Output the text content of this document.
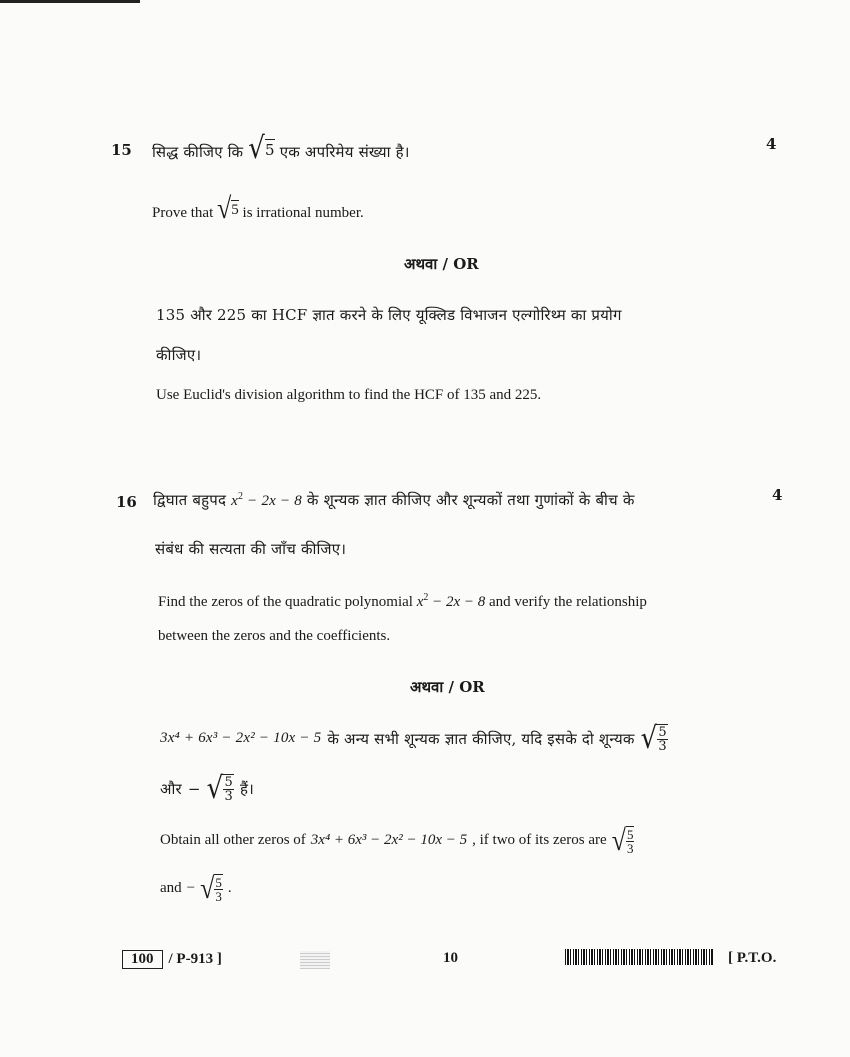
15	4
सिद्ध कीजिए कि √ 5 एक अपरिमेय संख्या है।
Prove that √ 5 is irrational number.
अथवा / OR
135 और 225 का HCF ज्ञात करने के लिए यूक्लिड विभाजन एल्गोरिथ्म का प्रयोग
कीजिए।
Use Euclid's division algorithm to find the HCF of 135 and 225.
16	4
द्विघात बहुपद $x^2 - 2x - 8$ के शून्यक ज्ञात कीजिए और शून्यकों तथा गुणांकों के बीच के
संबंध की सत्यता की जाँच कीजिए।
Find the zeros of the quadratic polynomial $x^2 - 2x - 8$ and verify the relationship
between the zeros and the coefficients.
अथवा / OR
3x⁴ + 6x³ − 2x² − 10x − 5 के अन्य सभी शून्यक ज्ञात कीजिए, यदि इसके दो शून्यक √ $\frac{5}{3}$
और − √ $\frac{5}{3}$ हैं।
Obtain all other zeros of 3x⁴ + 6x³ − 2x² − 10x − 5 , if two of its zeros are √ $\frac{5}{3}$
and − √ $\frac{5}{3}$ .
100	/ P-913 ]	10	[ P.T.O.
